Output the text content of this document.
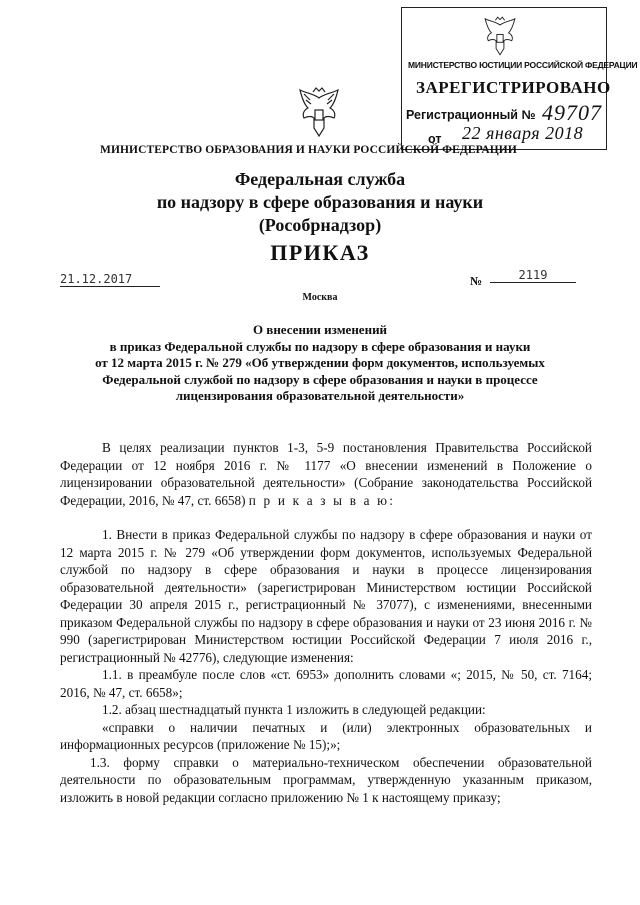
МИНИСТЕРСТВО ЮСТИЦИИ РОССИЙСКОЙ ФЕДЕРАЦИИ
ЗАРЕГИСТРИРОВАНО
Регистрационный № 49707
от 22 января 2018
МИНИСТЕРСТВО ОБРАЗОВАНИЯ И НАУКИ РОССИЙСКОЙ ФЕДЕРАЦИИ
Федеральная служба
по надзору в сфере образования и науки
(Рособрнадзор)
ПРИКАЗ
21.12.2017	№	2119
Москва
О внесении изменений
в приказ Федеральной службы по надзору в сфере образования и науки
от 12 марта 2015 г. № 279 «Об утверждении форм документов, используемых
Федеральной службой по надзору в сфере образования и науки в процессе
лицензирования образовательной деятельности»

В целях реализации пунктов 1-3, 5-9 постановления Правительства Российской Федерации от 12 ноября 2016 г. № 1177 «О внесении изменений в Положение о лицензировании образовательной деятельности» (Собрание законодательства Российской Федерации, 2016, № 47, ст. 6658) п р и к а з ы в а ю:

1. Внести в приказ Федеральной службы по надзору в сфере образования и науки от 12 марта 2015 г. № 279 «Об утверждении форм документов, используемых Федеральной службой по надзору в сфере образования и науки в процессе лицензирования образовательной деятельности» (зарегистрирован Министерством юстиции Российской Федерации 30 апреля 2015 г., регистрационный № 37077), с изменениями, внесенными приказом Федеральной службы по надзору в сфере образования и науки от 23 июня 2016 г. № 990 (зарегистрирован Министерством юстиции Российской Федерации 7 июля 2016 г., регистрационный № 42776), следующие изменения:

1.1. в преамбуле после слов «ст. 6953» дополнить словами «; 2015, № 50, ст. 7164; 2016, № 47, ст. 6658»;

1.2. абзац шестнадцатый пункта 1 изложить в следующей редакции:

«справки о наличии печатных и (или) электронных образовательных и информационных ресурсов (приложение № 15);»;

1.3. форму справки о материально-техническом обеспечении образовательной деятельности по образовательным программам, утвержденную указанным приказом, изложить в новой редакции согласно приложению № 1 к настоящему приказу;
